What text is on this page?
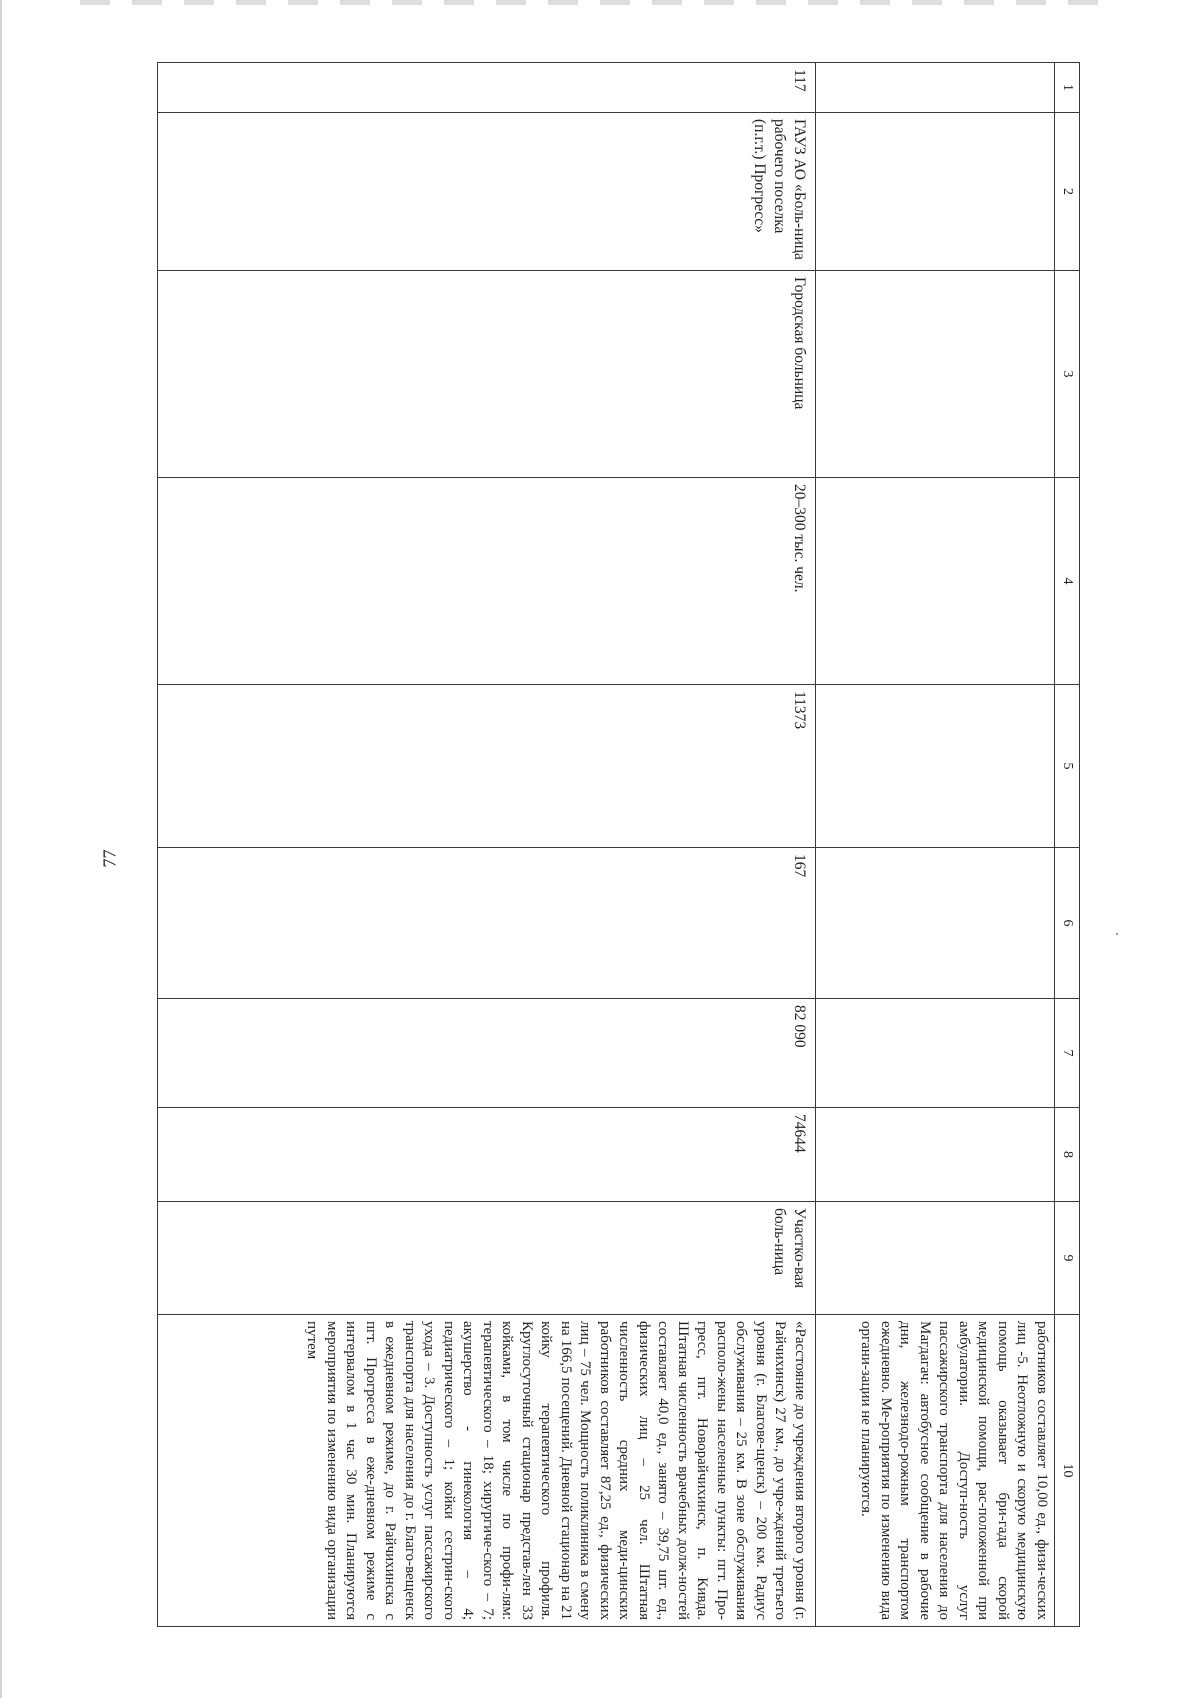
77
1	2	3	4	5	6	7	8	9	10
									работников составляет 10,00 ед., физи-ческих лиц -5. Неотложную и скорую медицинскую помощь оказывает бри-гада скорой медицинской помощи, рас-положенной при амбулатории. Доступ-ность услуг пассажирского транспорта для населения до Магдагач: автобусное сообщение в рабочие дни, железнодо-рожным транспортом ежедневно. Ме-роприятия по изменению вида органи-зации не планируются.
117	ГАУЗ АО «Боль-ница рабочего поселка (п.г.т.) Прогресс»	Городская больница	20–300 тыс. чел.	11373	167	82 090	74644	Участко-вая боль-ница	«Расстояние до учреждения второго уровня (г. Райчихинск) 27 км., до учре-ждений третьего уровня (г. Благове-щенск) – 200 км. Радиус обслуживания – 25 км. В зоне обслуживания располо-жены населенные пункты: пгт. Про-гресс, пгт. Новорайчихинск, п. Кивда. Штатная численность врачебных долж-ностей составляет 40,0 ед., занято – 39,75 шт. ед., физических лиц – 25 чел. Штатная численность средних меди-цинских работников составляет 87,25 ед., физических лиц – 75 чел. Мощность поликлиника в смену на 166,5 посещений. Дневной стационар на 21 койку терапевтического профиля. Круглосуточный стационар представ-лен 33 койками, в том числе по профи-лям: терапевтического – 18; хирургиче-ского – 7; акушерство - гинекология – 4; педиатрического – 1; койки сестрин-ского ухода – 3. Доступность услуг пассажирского транспорта для населения до г. Благо-вещенск в ежедневном режиме, до г. Райчихинска с пгт. Прогресса в еже-дневном режиме с интервалом в 1 час 30 мин. Планируются мероприятия по изменению вида организации путем
